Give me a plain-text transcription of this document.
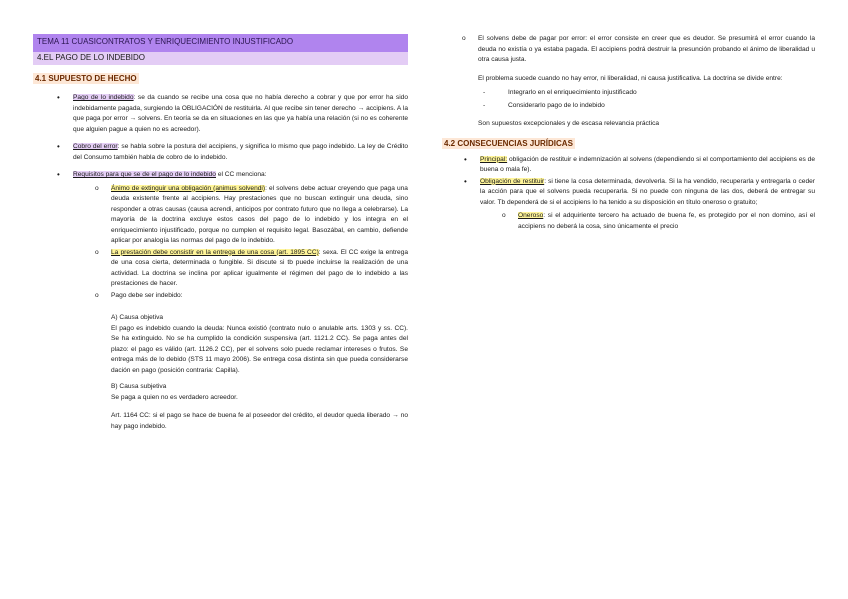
TEMA 11 CUASICONTRATOS Y ENRIQUECIMIENTO INJUSTIFICADO
4.EL PAGO DE LO INDEBIDO
4.1 SUPUESTO DE HECHO
• Pago de lo indebido: se da cuando se recibe una cosa que no había derecho a cobrar y que por error ha sido indebidamente pagada, surgiendo la OBLIGACIÓN de restituirla. Al que recibe sin tener derecho → accipiens. A la que paga por error → solvens. En teoría se da en situaciones en las que ya había una relación (si no es coherente que alguien pague a quien no es acreedor).
• Cobro del error: se habla sobre la postura del accipiens, y significa lo mismo que pago indebido. La ley de Crédito del Consumo también habla de cobro de lo indebido.
• Requisitos para que se de el pago de lo indebido el CC menciona:
o Ánimo de extinguir una obligación (animus solvendi): el solvens debe actuar creyendo que paga una deuda existente frente al accipiens. Hay prestaciones que no buscan extinguir una deuda, sino responder a otras causas (causa acrendi, anticipos por contrato futuro que no llega a celebrarse). La mayoría de la doctrina excluye estos casos del pago de lo indebido y los integra en el enriquecimiento injustificado, porque no cumplen el requisito legal. Basozábal, en cambio, defiende aplicar por analogía las normas del pago de lo indebido.
o La prestación debe consistir en la entrega de una cosa (art. 1895 CC): sexa. El CC exige la entrega de una cosa cierta, determinada o fungible. Si discute si tb puede incluirse la realización de una actividad. La doctrina se inclina por aplicar igualmente el régimen del pago de lo indebido a las prestaciones de hacer.
o Pago debe ser indebido:
A) Causa objetiva
El pago es indebido cuando la deuda: Nunca existió (contrato nulo o anulable arts. 1303 y ss. CC). Se ha extinguido. No se ha cumplido la condición suspensiva (art. 1121.2 CC). Se paga antes del plazo: el pago es válido (art. 1126.2 CC), per el solvens solo puede reclamar intereses o frutos. Se entrega más de lo debido (STS 11 mayo 2006). Se entrega cosa distinta sin que pueda considerarse dación en pago (posición contraria: Capilla).
B) Causa subjetiva
Se paga a quien no es verdadero acreedor.
Art. 1164 CC: si el pago se hace de buena fe al poseedor del crédito, el deudor queda liberado → no hay pago indebido.
o El solvens debe de pagar por error: el error consiste en creer que es deudor. Se presumirá el error cuando la deuda no existía o ya estaba pagada. El accipiens podrá destruir la presunción probando el ánimo de liberalidad u otra causa justa.
El problema sucede cuando no hay error, ni liberalidad, ni causa justificativa. La doctrina se divide entre:
- Integrarlo en el enriquecimiento injustificado
- Considerarlo pago de lo indebido
Son supuestos excepcionales y de escasa relevancia práctica
4.2 CONSECUENCIAS JURÍDICAS
• Principal: obligación de restituir e indemnización al solvens (dependiendo si el comportamiento del accipiens es de buena o mala fe).
• Obligación de restituir: si tiene la cosa determinada, devolverla. Si la ha vendido, recuperarla y entregarla o ceder la acción para que el solvens pueda recuperarla. Si no puede con ninguna de las dos, deberá de entregar su valor. Tb dependerá de si el accipiens lo ha tenido a su disposición en título oneroso o gratuito;
o Oneroso: si el adquiriente tercero ha actuado de buena fe, es protegido por el non domino, así el accipiens no deberá la cosa, sino únicamente el precio
